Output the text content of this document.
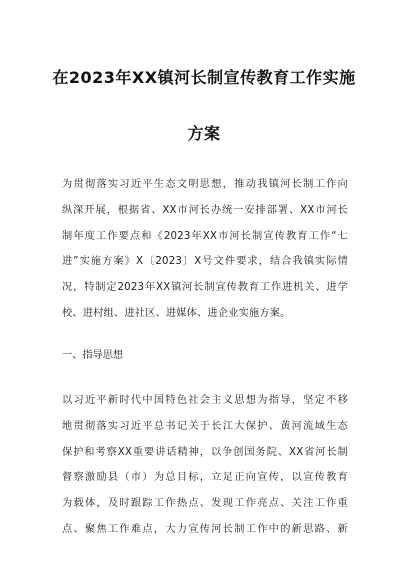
在2023年XX镇河长制宣传教育工作实施
方案
为贯彻落实习近平生态文明思想，推动我镇河长制工作向
纵深开展，根据省、XX市河长办统一安排部署、XX市河长
制年度工作要点和《2023年XX市河长制宣传教育工作“七
进”实施方案》X〔2023〕X号文件要求，结合我镇实际情
况，特制定2023年XX镇河长制宣传教育工作进机关、进学
校、进村组、进社区、进媒体、进企业实施方案。
一、指导思想
以习近平新时代中国特色社会主义思想为指导，坚定不移
地贯彻落实习近平总书记关于长江大保护、黄河流域生态
保护和考察XX重要讲话精神，以争创国务院、XX省河长制
督察激励县（市）为总目标，立足正向宣传，以宣传教育
为载体，及时跟踪工作热点、发现工作亮点、关注工作重
点、聚焦工作难点，大力宣传河长制工作中的新思路、新
